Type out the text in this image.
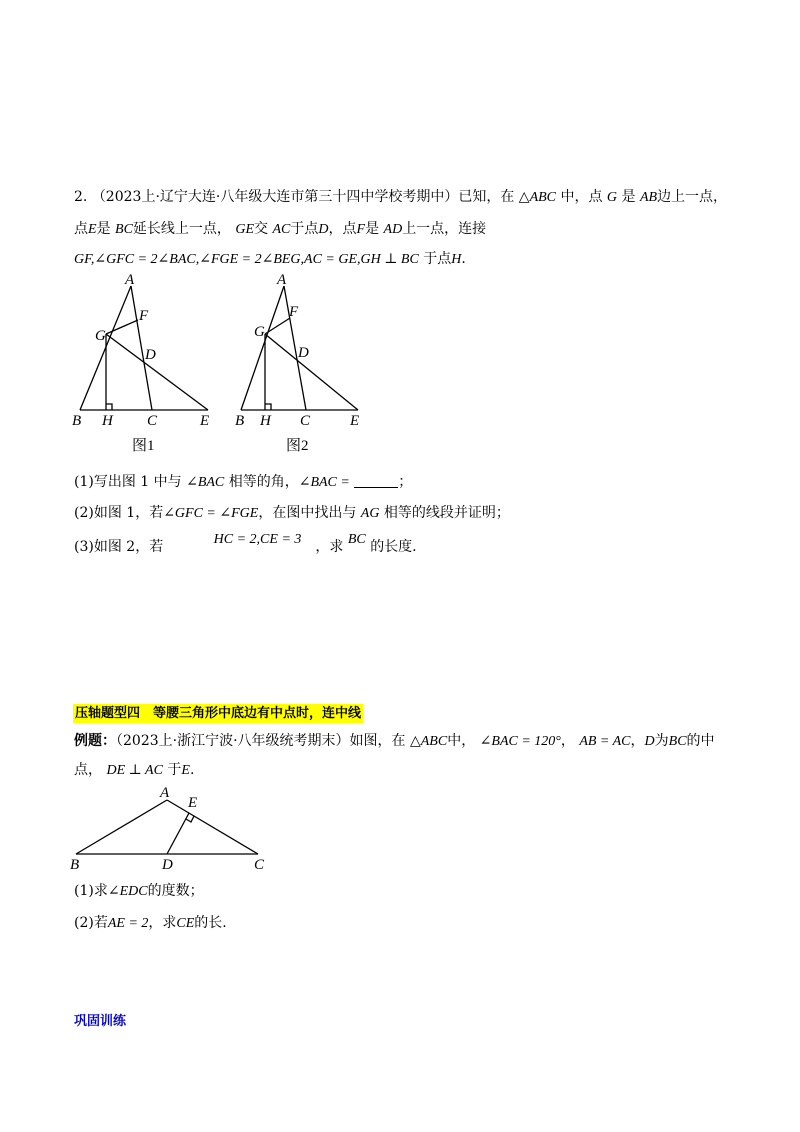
2. （2023上·辽宁大连·八年级大连市第三十四中学校考期中）已知，在 △ABC 中，点 G 是 AB边上一点，
点E是 BC延长线上一点， GE交 AC于点D，点F是 AD上一点，连接
GF,∠GFC = 2∠BAC,∠FGE = 2∠BEG,AC = GE,GH ⊥ BC 于点H.
A
F
G
D
B H C	E
图1
A
F
G
D
B H C	E
图2
(1)写出图 1 中与 ∠BAC 相等的角，∠BAC =	；
(2)如图 1，若∠GFC = ∠FGE，在图中找出与 AG 相等的线段并证明；
(3)如图 2，若	HC = 2,CE = 3 ，求 BC 的长度.
压轴题型四　等腰三角形中底边有中点时，连中线
例题：（2023上·浙江宁波·八年级统考期末）如图，在 △ABC中， ∠BAC = 120°， AB = AC，D为BC的中
点， DE ⊥ AC 于E.
A
E
B	D	C
(1)求∠EDC的度数；
(2)若AE = 2，求CE的长.
巩固训练
